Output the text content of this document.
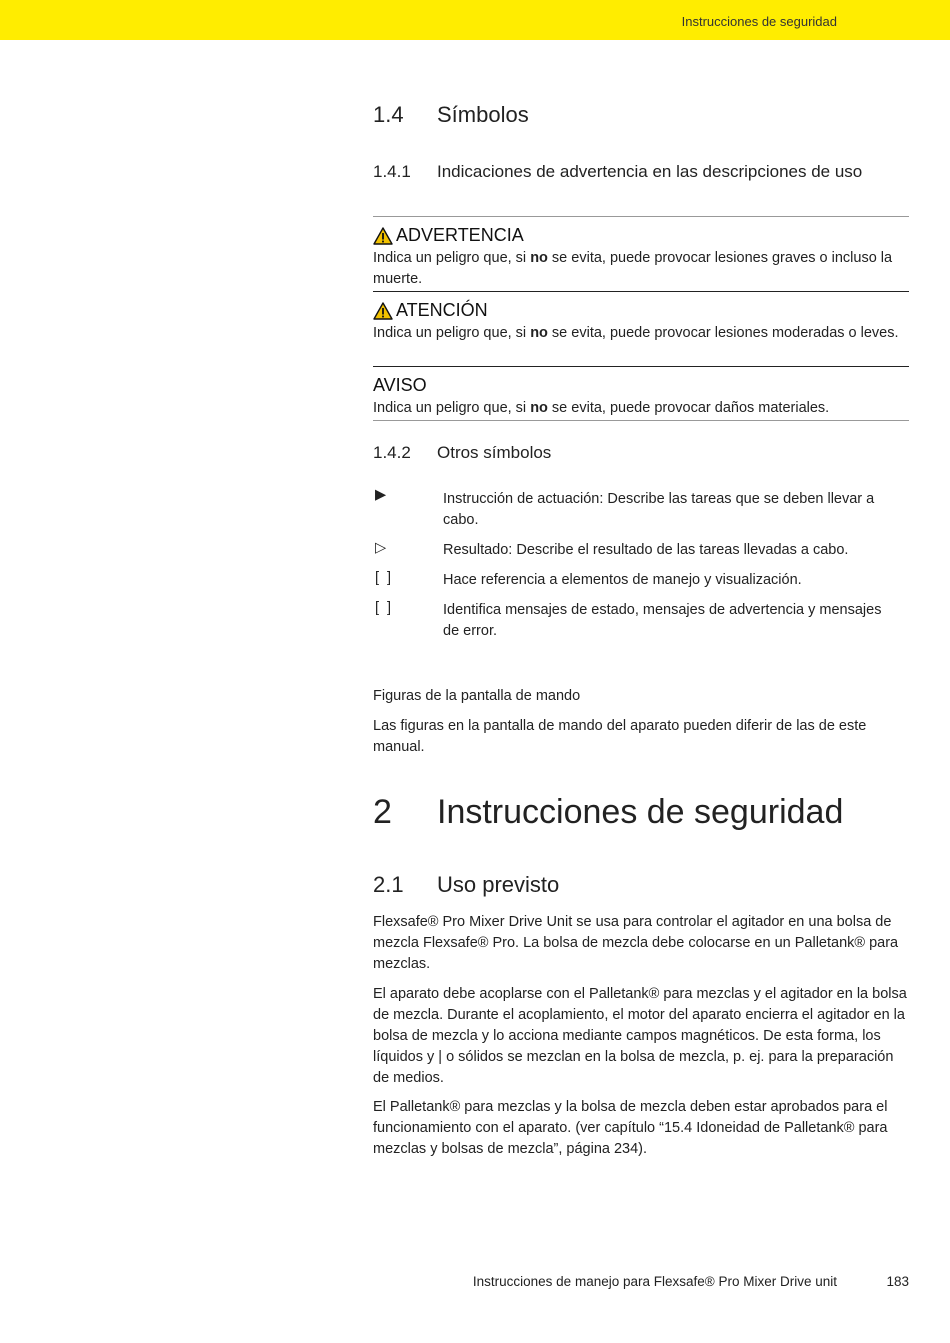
Instrucciones de seguridad
1.4 Símbolos
1.4.1 Indicaciones de advertencia en las descripciones de uso
ADVERTENCIA
Indica un peligro que, si no se evita, puede provocar lesiones graves o incluso la muerte.
ATENCIÓN
Indica un peligro que, si no se evita, puede provocar lesiones moderadas o leves.
AVISO
Indica un peligro que, si no se evita, puede provocar daños materiales.
1.4.2 Otros símbolos
▶	Instrucción de actuación: Describe las tareas que se deben llevar a cabo.
▷	Resultado: Describe el resultado de las tareas llevadas a cabo.
[ ]	Hace referencia a elementos de manejo y visualización.
[ ]	Identifica mensajes de estado, mensajes de advertencia y mensajes de error.
Figuras de la pantalla de mando
Las figuras en la pantalla de mando del aparato pueden diferir de las de este manual.
2 Instrucciones de seguridad
2.1 Uso previsto
Flexsafe® Pro Mixer Drive Unit se usa para controlar el agitador en una bolsa de mezcla Flexsafe® Pro. La bolsa de mezcla debe colocarse en un Palletank® para mezclas.
El aparato debe acoplarse con el Palletank® para mezclas y el agitador en la bolsa de mezcla. Durante el acoplamiento, el motor del aparato encierra el agitador en la bolsa de mezcla y lo acciona mediante campos magnéticos. De esta forma, los líquidos y | o sólidos se mezclan en la bolsa de mezcla, p. ej. para la preparación de medios.
El Palletank® para mezclas y la bolsa de mezcla deben estar aprobados para el funcionamiento con el aparato. (ver capítulo “15.4 Idoneidad de Palletank® para mezclas y bolsas de mezcla”, página 234).
Instrucciones de manejo para Flexsafe® Pro Mixer Drive unit	183
